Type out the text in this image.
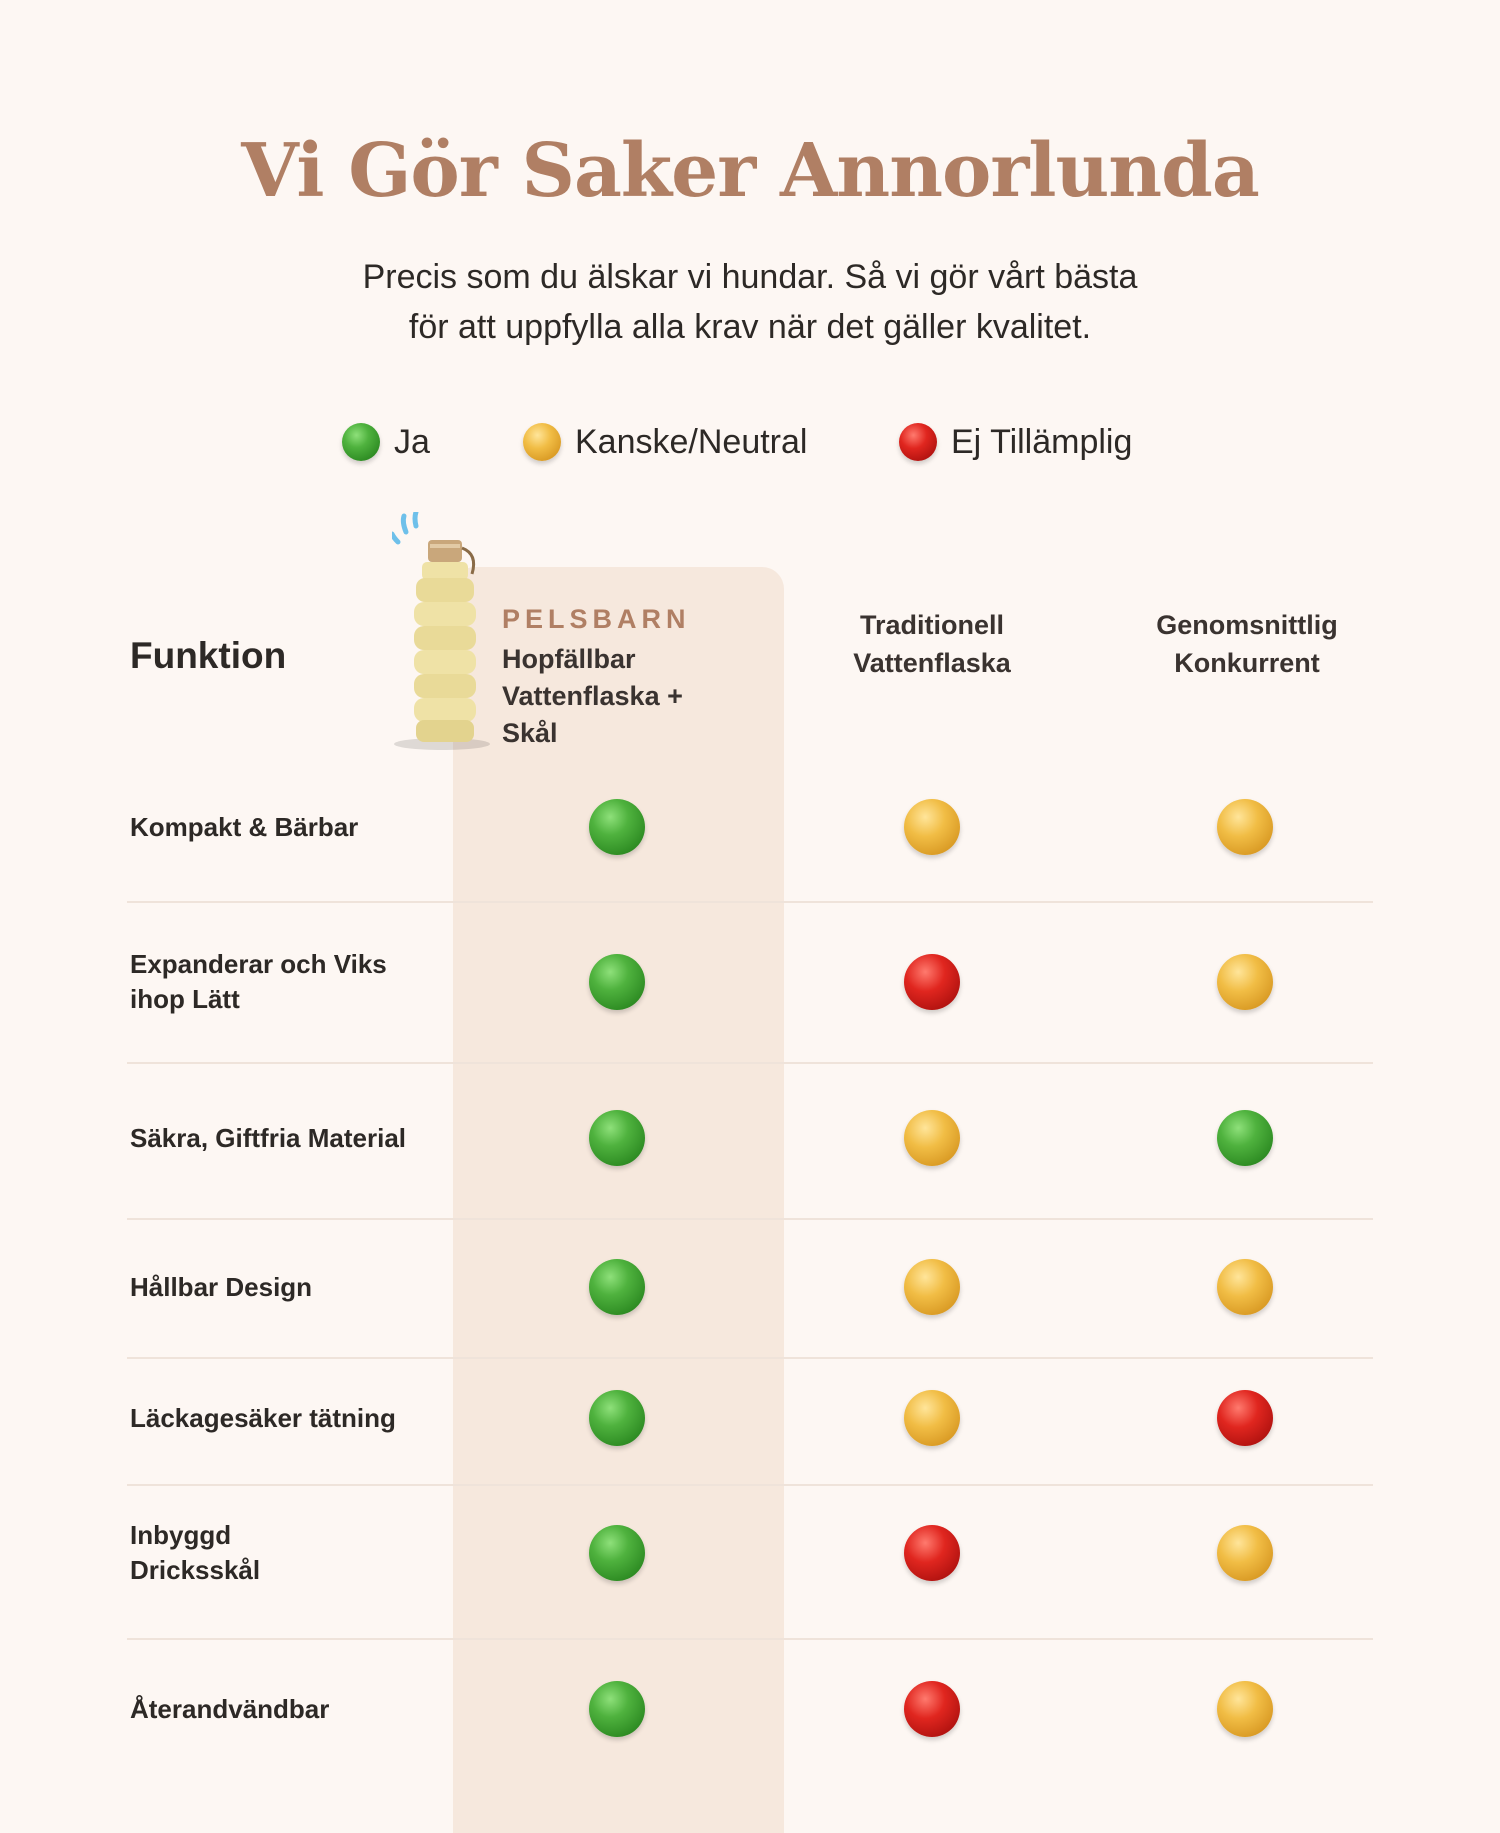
Vi Gör Saker Annorlunda

Precis som du älskar vi hundar. Så vi gör vårt bästa
för att uppfylla alla krav när det gäller kvalitet.

Ja	Kanske/Neutral	Ej Tillämplig
Funktion
PELSBARN
Hopfällbar
Vattenflaska +
Skål
Traditionell
Vattenflaska
Genomsnittlig
Konkurrent
Kompakt & Bärbar
Expanderar och Viks
ihop Lätt
Säkra, Giftfria Material
Hållbar Design
Läckagesäker tätning
Inbyggd
Dricksskål
Återandvändbar
